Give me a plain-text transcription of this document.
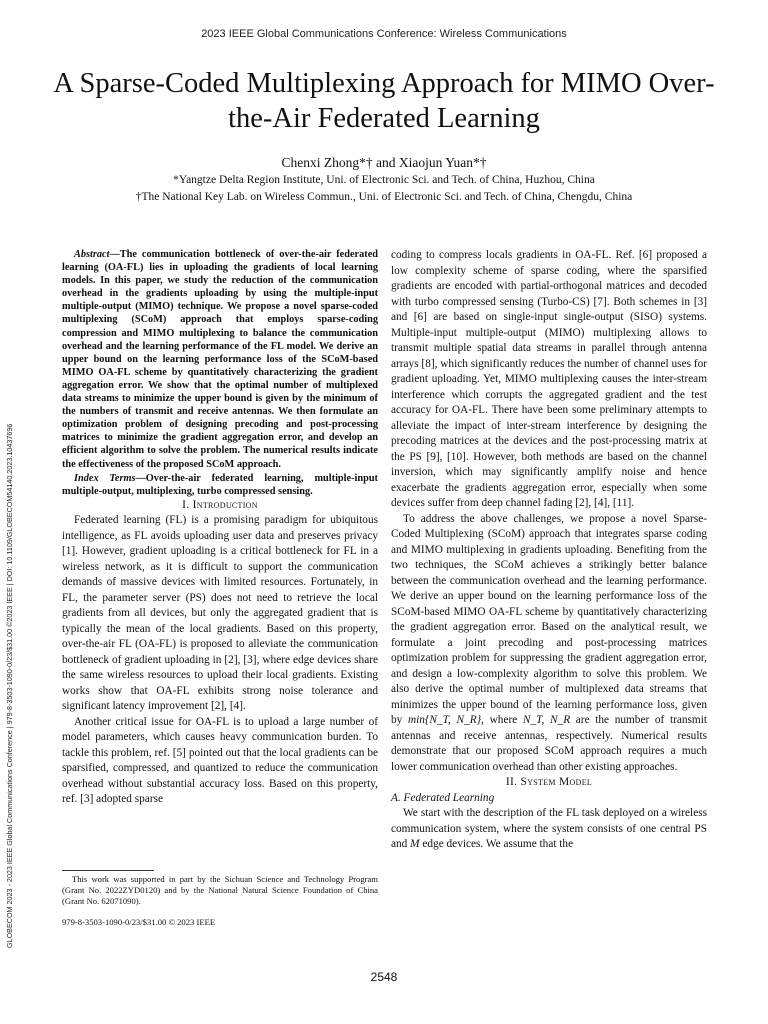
2023 IEEE Global Communications Conference: Wireless Communications
A Sparse-Coded Multiplexing Approach for MIMO Over-the-Air Federated Learning
Chenxi Zhong*† and Xiaojun Yuan*†
*Yangtze Delta Region Institute, Uni. of Electronic Sci. and Tech. of China, Huzhou, China
†The National Key Lab. on Wireless Commun., Uni. of Electronic Sci. and Tech. of China, Chengdu, China
GLOBECOM 2023 - 2023 IEEE Global Communications Conference | 979-8-3503-1090-0/23/$31.00 ©2023 IEEE | DOI: 10.1109/GLOBECOM54140.2023.10437696

Abstract—The communication bottleneck of over-the-air federated learning (OA-FL) lies in uploading the gradients of local learning models. In this paper, we study the reduction of the communication overhead in the gradients uploading by using the multiple-input multiple-output (MIMO) technique. We propose a novel sparse-coded multiplexing (SCoM) approach that employs sparse-coding compression and MIMO multiplexing to balance the communication overhead and the learning performance of the FL model. We derive an upper bound on the learning performance loss of the SCoM-based MIMO OA-FL scheme by quantitatively characterizing the gradient aggregation error. We show that the optimal number of multiplexed data streams to minimize the upper bound is given by the minimum of the numbers of transmit and receive antennas. We then formulate an optimization problem of designing precoding and post-processing matrices to minimize the gradient aggregation error, and develop an efficient algorithm to solve the problem. The numerical results indicate the effectiveness of the proposed SCoM approach.

Index Terms—Over-the-air federated learning, multiple-input multiple-output, multiplexing, turbo compressed sensing.

I. Introduction

Federated learning (FL) is a promising paradigm for ubiquitous intelligence, as FL avoids uploading user data and preserves privacy [1]. However, gradient uploading is a critical bottleneck for FL in a wireless network, as it is difficult to support the communication demands of massive devices with limited resources. Fortunately, in FL, the parameter server (PS) does not need to retrieve the local gradients from all devices, but only the aggregated gradient that is typically the mean of the local gradients. Based on this property, over-the-air FL (OA-FL) is proposed to alleviate the communication bottleneck of gradient uploading in [2], [3], where edge devices share the same wireless resources to upload their local gradients. Existing works show that OA-FL exhibits strong noise tolerance and significant latency improvement [2], [4].

Another critical issue for OA-FL is to upload a large number of model parameters, which causes heavy communication burden. To tackle this problem, ref. [5] pointed out that the local gradients can be sparsified, compressed, and quantized to reduce the communication overhead without substantial accuracy loss. Based on this property, ref. [3] adopted sparse

This work was supported in part by the Sichuan Science and Technology Program (Grant No. 2022ZYD0120) and by the National Natural Science Foundation of China (Grant No. 62071090).

979-8-3503-1090-0/23/$31.00 © 2023 IEEE

coding to compress locals gradients in OA-FL. Ref. [6] proposed a low complexity scheme of sparse coding, where the sparsified gradients are encoded with partial-orthogonal matrices and decoded with turbo compressed sensing (Turbo-CS) [7]. Both schemes in [3] and [6] are based on single-input single-output (SISO) systems. Multiple-input multiple-output (MIMO) multiplexing allows to transmit multiple spatial data streams in parallel through antenna arrays [8], which significantly reduces the number of channel uses for gradient uploading. Yet, MIMO multiplexing causes the inter-stream interference which corrupts the aggregated gradient and the test accuracy for OA-FL. There have been some preliminary attempts to alleviate the impact of inter-stream interference by designing the precoding matrices at the devices and the post-processing matrix at the PS [9], [10]. However, both methods are based on the channel inversion, which may significantly amplify noise and hence exacerbate the gradients aggregation error, especially when some devices suffer from deep channel fading [2], [4], [11].

To address the above challenges, we propose a novel Sparse-Coded Multiplexing (SCoM) approach that integrates sparse coding and MIMO multiplexing in gradients uploading. Benefiting from the two techniques, the SCoM achieves a strikingly better balance between the communication overhead and the learning performance. We derive an upper bound on the learning performance loss of the SCoM-based MIMO OA-FL scheme by quantitatively characterizing the gradient aggregation error. Based on the analytical result, we formulate a joint precoding and post-processing matrices optimization problem for suppressing the gradient aggregation error, and design a low-complexity algorithm to solve this problem. We also derive the optimal number of multiplexed data streams that minimizes the upper bound of the learning performance loss, given by min{N_T, N_R}, where N_T, N_R are the number of transmit antennas and receive antennas, respectively. Numerical results demonstrate that our proposed SCoM approach requires a much lower communication overhead than other existing approaches.

II. System Model

A. Federated Learning

We start with the description of the FL task deployed on a wireless communication system, where the system consists of one central PS and M edge devices. We assume that the

2548
